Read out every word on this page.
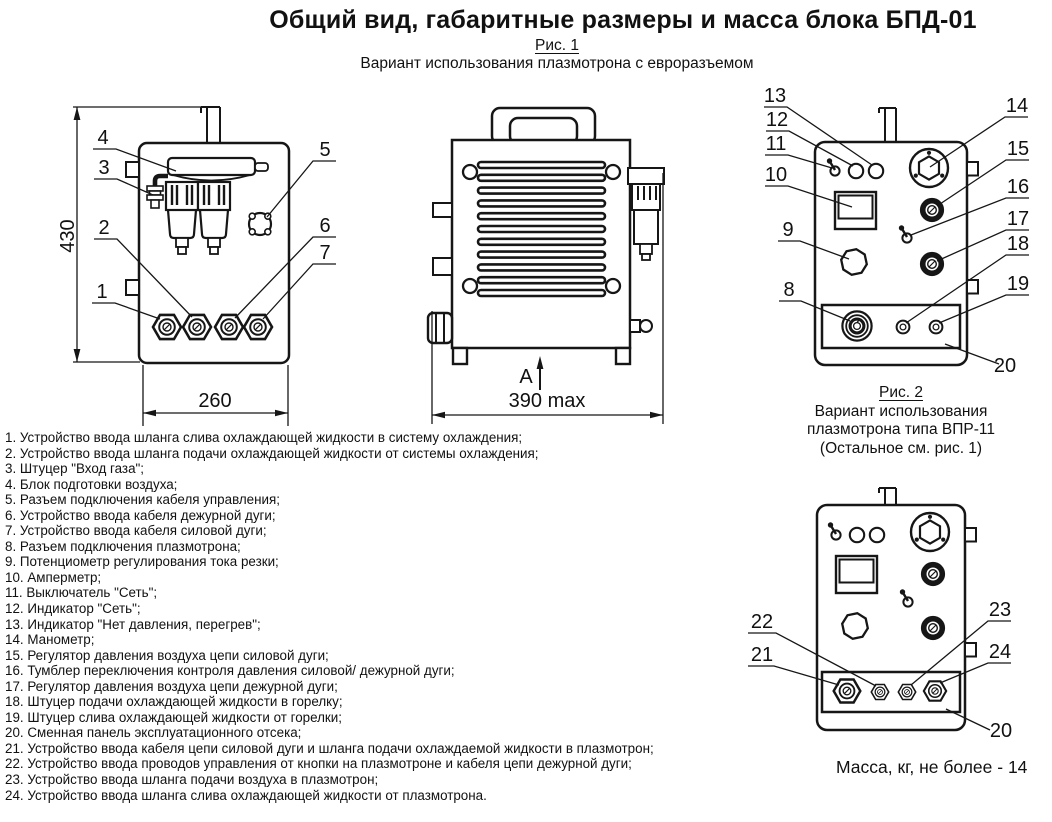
Общий вид, габаритные размеры и масса блока БПД-01
Рис. 1
Вариант использования плазмотрона с евроразъемом
430
260
4
3
2
1
5
6
7
A
390 max
13
12
11
10
9
8
14
15
16
17
18
19
20
Рис. 2
Вариант использования
плазмотрона типа ВПР-11
(Остальное см. рис. 1)
22
21
23
24
20
Масса, кг, не более - 14
1. Устройство ввода шланга слива охлаждающей жидкости в систему охлаждения;
2. Устройство ввода шланга подачи охлаждающей жидкости от системы охлаждения;
3. Штуцер "Вход газа";
4. Блок подготовки воздуха;
5. Разъем подключения кабеля управления;
6. Устройство ввода кабеля дежурной дуги;
7. Устройство ввода кабеля силовой дуги;
8. Разъем подключения плазмотрона;
9. Потенциометр регулирования тока резки;
10. Амперметр;
11. Выключатель "Сеть";
12. Индикатор "Сеть";
13. Индикатор "Нет давления, перегрев";
14. Манометр;
15. Регулятор давления воздуха цепи силовой дуги;
16. Тумблер переключения контроля давления силовой/ дежурной дуги;
17. Регулятор давления воздуха цепи дежурной дуги;
18. Штуцер подачи охлаждающей жидкости в горелку;
19. Штуцер слива охлаждающей жидкости от горелки;
20. Сменная панель эксплуатационного отсека;
21. Устройство ввода кабеля цепи силовой дуги и шланга подачи охлаждаемой жидкости в плазмотрон;
22. Устройство ввода проводов управления от кнопки на плазмотроне и кабеля цепи дежурной дуги;
23. Устройство ввода шланга подачи воздуха в плазмотрон;
24. Устройство ввода шланга слива охлаждающей жидкости от плазмотрона.
